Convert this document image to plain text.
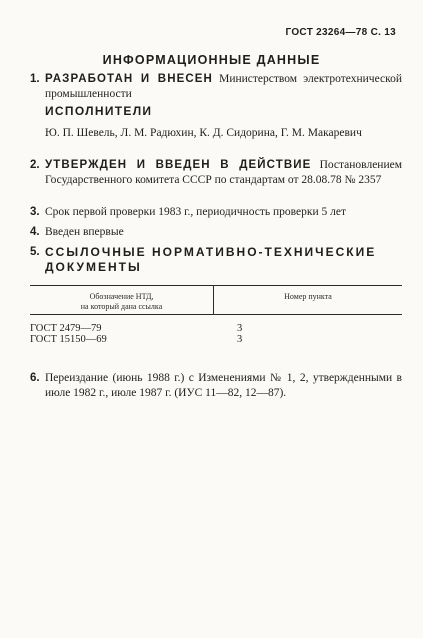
ГОСТ 23264—78 С. 13
ИНФОРМАЦИОННЫЕ ДАННЫЕ
1. РАЗРАБОТАН И ВНЕСЕН Министерством электротехнической промышленности
ИСПОЛНИТЕЛИ
Ю. П. Шевель, Л. М. Радюхин, К. Д. Сидорина, Г. М. Макаревич
2. УТВЕРЖДЕН И ВВЕДЕН В ДЕЙСТВИЕ Постановлением Государственного комитета СССР по стандартам от 28.08.78 № 2357
3. Срок первой проверки 1983 г., периодичность проверки 5 лет
4. Введен впервые
5. ССЫЛОЧНЫЕ НОРМАТИВНО-ТЕХНИЧЕСКИЕ ДОКУМЕНТЫ
Обозначение НТД,
на который дана ссылка
Номер пункта
ГОСТ 2479—79	3
ГОСТ 15150—69	3
6. Переиздание (июнь 1988 г.) с Изменениями № 1, 2, утвержденными в июле 1982 г., июле 1987 г. (ИУС 11—82, 12—87).
